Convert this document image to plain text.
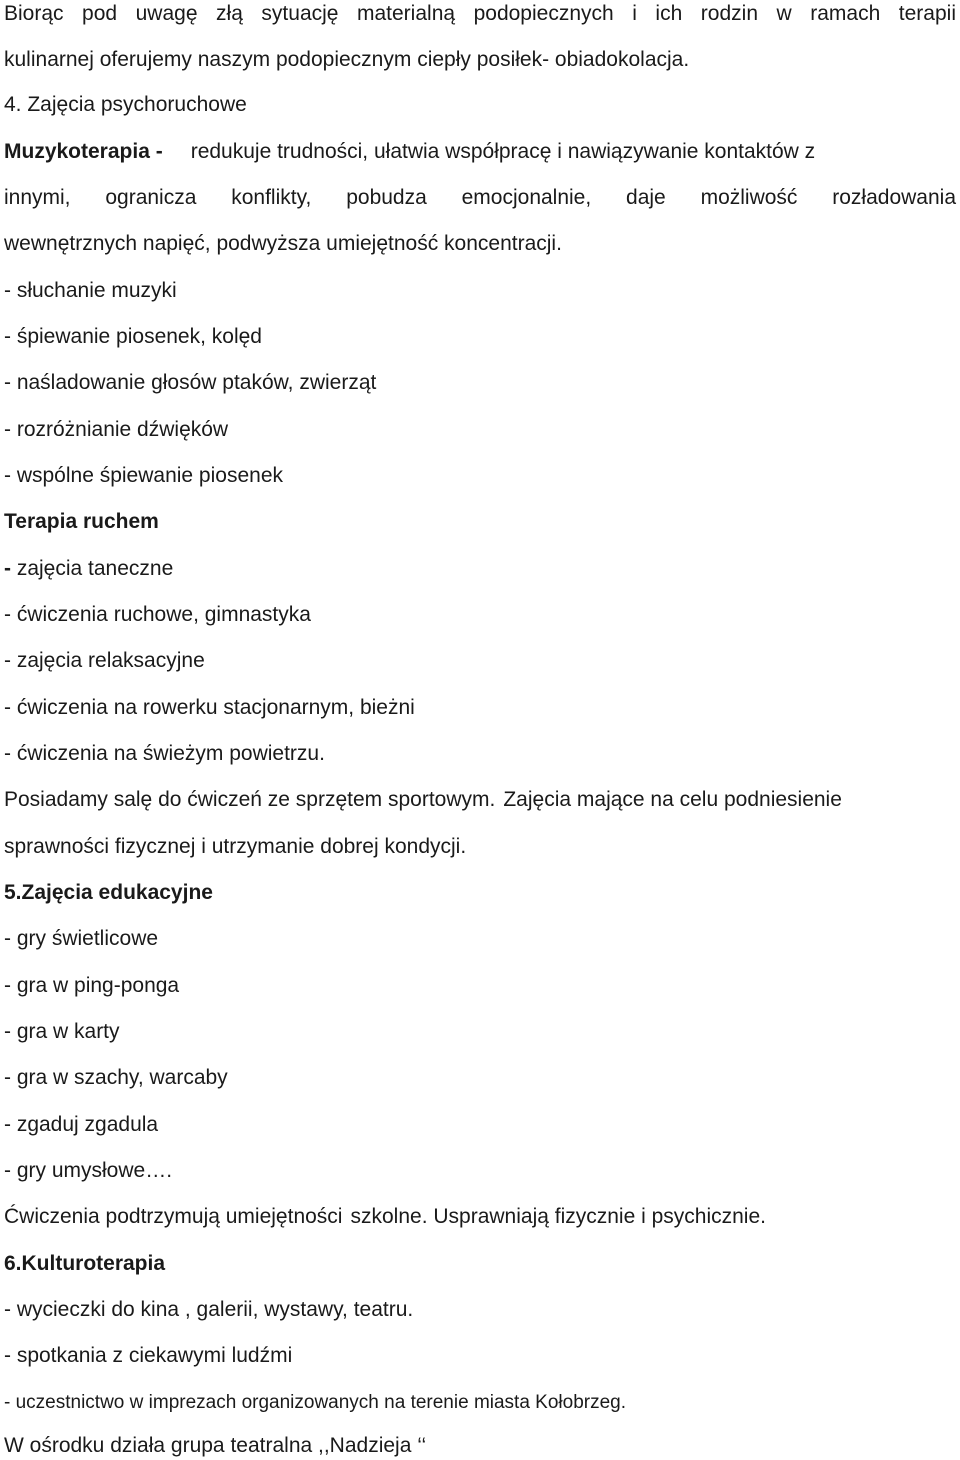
Biorąc pod uwagę złą sytuację materialną podopiecznych i ich rodzin w ramach terapii
kulinarnej oferujemy naszym podopiecznym ciepły posiłek- obiadokolacja.
4. Zajęcia psychoruchowe
Muzykoterapia - redukuje trudności, ułatwia współpracę i nawiązywanie kontaktów z
innymi, ogranicza konflikty, pobudza emocjonalnie, daje możliwość rozładowania
wewnętrznych napięć, podwyższa umiejętność koncentracji.
- słuchanie muzyki
- śpiewanie piosenek, kolęd
- naśladowanie głosów ptaków, zwierząt
- rozróżnianie dźwięków
- wspólne śpiewanie piosenek
Terapia ruchem
- zajęcia taneczne
- ćwiczenia ruchowe, gimnastyka
- zajęcia relaksacyjne
- ćwiczenia na rowerku stacjonarnym, bieżni
- ćwiczenia na świeżym powietrzu.
Posiadamy salę do ćwiczeń ze sprzętem sportowym. Zajęcia mające na celu podniesienie
sprawności fizycznej i utrzymanie dobrej kondycji.
5.Zajęcia edukacyjne
- gry świetlicowe
- gra w ping-ponga
- gra w karty
- gra w szachy, warcaby
- zgaduj zgadula
- gry umysłowe….
Ćwiczenia podtrzymują umiejętności szkolne. Usprawniają fizycznie i psychicznie.
6.Kulturoterapia
- wycieczki do kina , galerii, wystawy, teatru.
- spotkania z ciekawymi ludźmi
- uczestnictwo w imprezach organizowanych na terenie miasta Kołobrzeg.
W ośrodku działa grupa teatralna ,,Nadzieja ‘‘
